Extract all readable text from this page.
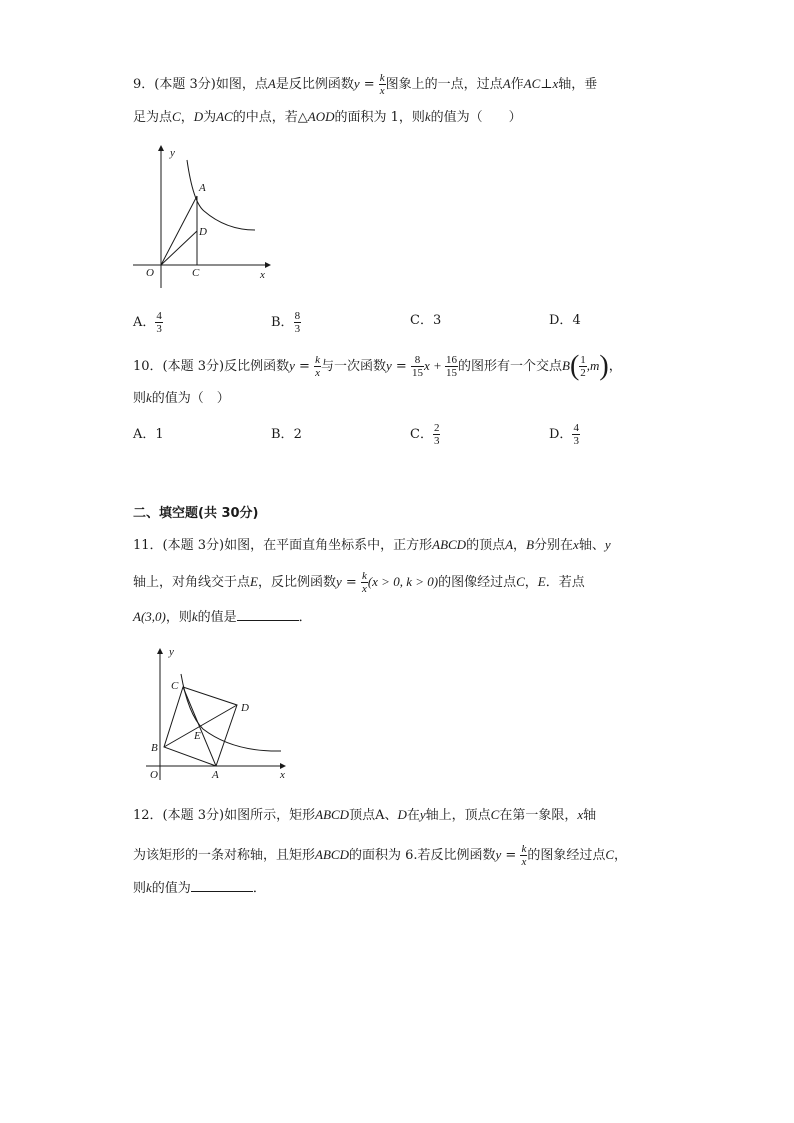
9．(本题 3分)如图，点A是反比例函数$y = \frac{k}{x}$ 图象上的一点，过点A作AC⊥x轴，垂
足为点C，D为AC的中点，若△AOD的面积为 1，则k的值为（　　）
y
A
D
O	C	x
A． $\frac{4}{3}$	B． $\frac{8}{3}$	C．3	D．4
10．(本题 3分)反比例函数$y = \frac{k}{x}$ 与一次函数$y = \frac{8}{15}$ $x + \frac{16}{15}$ 的图形有一个交点$B( \frac{1}{2} ,m)$，
则k的值为（　）
A．1	B．2	C． $\frac{2}{3}$	D． $\frac{4}{3}$
二、填空题(共 30分)
11．(本题 3分)如图，在平面直角坐标系中，正方形ABCD的顶点A，B分别在x轴、y
轴上，对角线交于点E，反比例函数$y = \frac{k}{x} (x > 0$, k > 0)的图像经过点C，E．若点
A(3,0)，则k的值是	．
y
C
D
E
B
O	A	x
12．(本题 3分)如图所示，矩形ABCD顶点A、D在y轴上，顶点C在第一象限，x轴
为该矩形的一条对称轴，且矩形ABCD的面积为 6.若反比例函数$y = \frac{k}{x}$ 的图象经过点C，
则k的值为	．
